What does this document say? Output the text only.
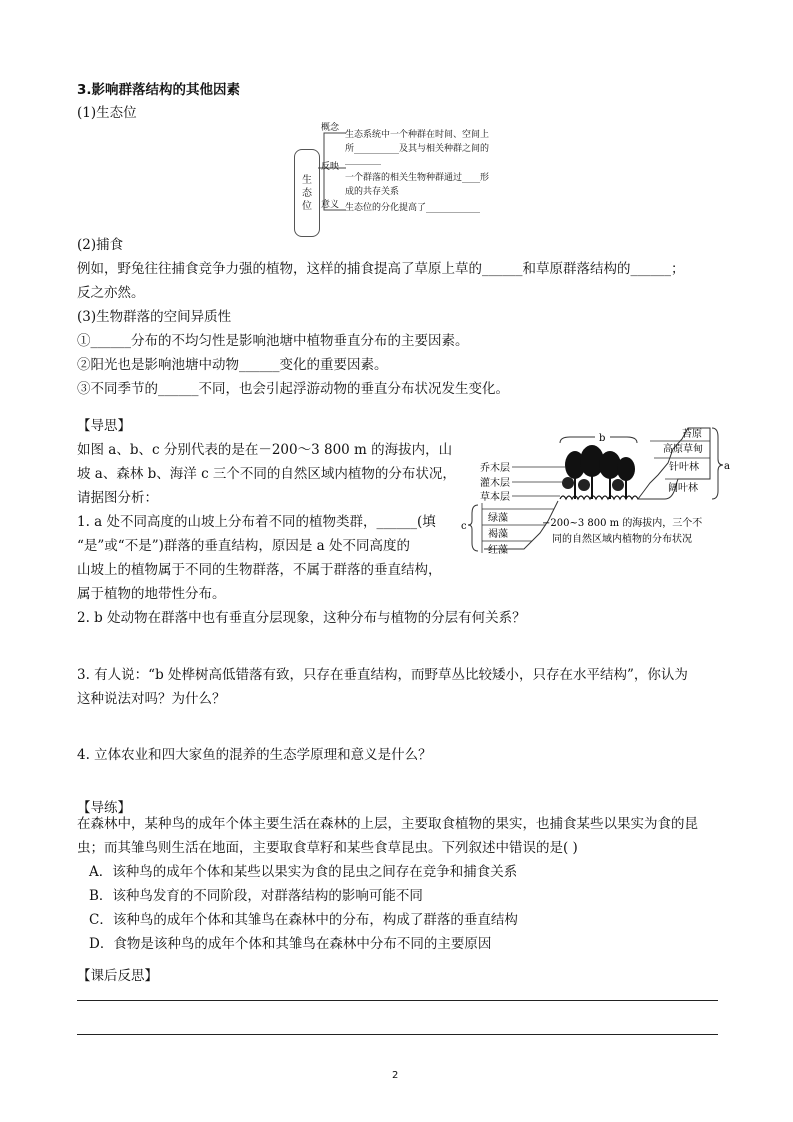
3.影响群落结构的其他因素
(1)生态位
生
态
位
概念
反映
意义
生态系统中一个种群在时间、空间上
所__________及其与相关种群之间的
________
一个群落的相关生物种群通过____形
成的共存关系
生态位的分化提高了____________
(2)捕食
例如，野兔往往捕食竞争力强的植物，这样的捕食提高了草原上草的______和草原群落结构的______；
反之亦然。
(3)生物群落的空间异质性
①______分布的不均匀性是影响池塘中植物垂直分布的主要因素。
②阳光也是影响池塘中动物______变化的重要因素。
③不同季节的______不同，也会引起浮游动物的垂直分布状况发生变化。
【导思】
如图 a、b、c 分别代表的是在－200～3 800 m 的海拔内，山
坡 a、森林 b、海洋 c 三个不同的自然区域内植物的分布状况，
请据图分析：
1. a 处不同高度的山坡上分布着不同的植物类群，______(填
“是”或“不是”)群落的垂直结构，原因是 a 处不同高度的
山坡上的植物属于不同的生物群落，不属于群落的垂直结构，
属于植物的地带性分布。
2. b 处动物在群落中也有垂直分层现象，这种分布与植物的分层有何关系？
3. 有人说：“b 处桦树高低错落有致，只存在垂直结构，而野草丛比较矮小，只存在水平结构”，你认为
这种说法对吗？为什么？
4. 立体农业和四大家鱼的混养的生态学原理和意义是什么？
b
乔木层
灌木层
草本层
苔原
高原草甸
针叶林
阔叶林
a
绿藻
褐藻
红藻
c	−200~3 800 m 的海拔内，三个不
同的自然区域内植物的分布状况
【导练】
在森林中，某种鸟的成年个体主要生活在森林的上层，主要取食植物的果实，也捕食某些以果实为食的昆
虫；而其雏鸟则生活在地面，主要取食草籽和某些食草昆虫。下列叙述中错误的是( )
A．该种鸟的成年个体和某些以果实为食的昆虫之间存在竞争和捕食关系
B．该种鸟发育的不同阶段，对群落结构的影响可能不同
C．该种鸟的成年个体和其雏鸟在森林中的分布，构成了群落的垂直结构
D．食物是该种鸟的成年个体和其雏鸟在森林中分布不同的主要原因
【课后反思】
2
